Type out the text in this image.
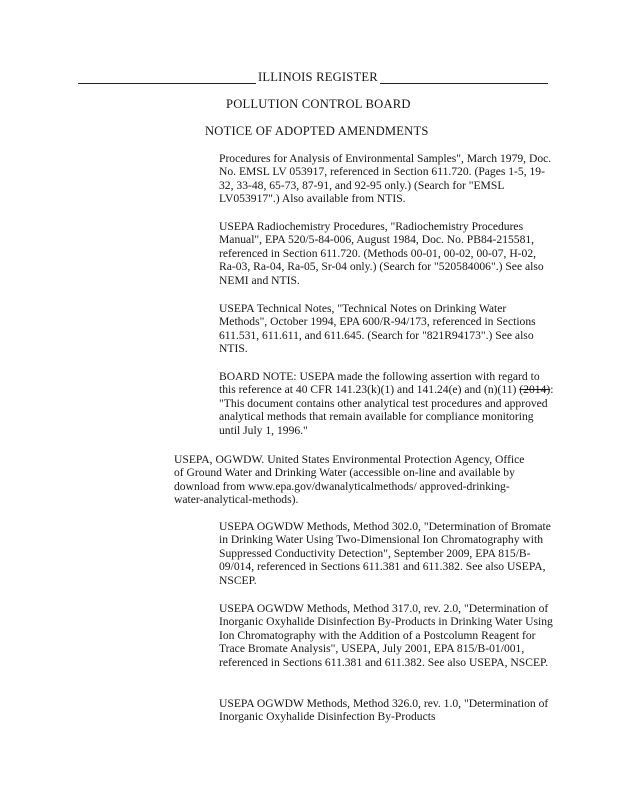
ILLINOIS REGISTER
POLLUTION CONTROL BOARD
NOTICE OF ADOPTED AMENDMENTS

Procedures for Analysis of Environmental Samples", March 1979, Doc. No. EMSL LV 053917, referenced in Section 611.720. (Pages 1-5, 19-32, 33-48, 65-73, 87-91, and 92-95 only.) (Search for "EMSL LV053917".) Also available from NTIS.

USEPA Radiochemistry Procedures, "Radiochemistry Procedures Manual", EPA 520/5-84-006, August 1984, Doc. No. PB84-215581, referenced in Section 611.720. (Methods 00-01, 00-02, 00-07, H-02, Ra-03, Ra-04, Ra-05, Sr-04 only.) (Search for "520584006".) See also NEMI and NTIS.

USEPA Technical Notes, "Technical Notes on Drinking Water Methods", October 1994, EPA 600/R-94/173, referenced in Sections 611.531, 611.611, and 611.645. (Search for "821R94173".) See also NTIS.

BOARD NOTE: USEPA made the following assertion with regard to this reference at 40 CFR 141.23(k)(1) and 141.24(e) and (n)(11) (2014): "This document contains other analytical test procedures and approved analytical methods that remain available for compliance monitoring until July 1, 1996."

USEPA, OGWDW. United States Environmental Protection Agency, Office of Ground Water and Drinking Water (accessible on-line and available by download from www.epa.gov/dwanalyticalmethods/ approved-drinking-water-analytical-methods).

USEPA OGWDW Methods, Method 302.0, "Determination of Bromate in Drinking Water Using Two-Dimensional Ion Chromatography with Suppressed Conductivity Detection", September 2009, EPA 815/B-09/014, referenced in Sections 611.381 and 611.382. See also USEPA, NSCEP.

USEPA OGWDW Methods, Method 317.0, rev. 2.0, "Determination of Inorganic Oxyhalide Disinfection By-Products in Drinking Water Using Ion Chromatography with the Addition of a Postcolumn Reagent for Trace Bromate Analysis", USEPA, July 2001, EPA 815/B-01/001, referenced in Sections 611.381 and 611.382. See also USEPA, NSCEP.

USEPA OGWDW Methods, Method 326.0, rev. 1.0, "Determination of Inorganic Oxyhalide Disinfection By-Products
